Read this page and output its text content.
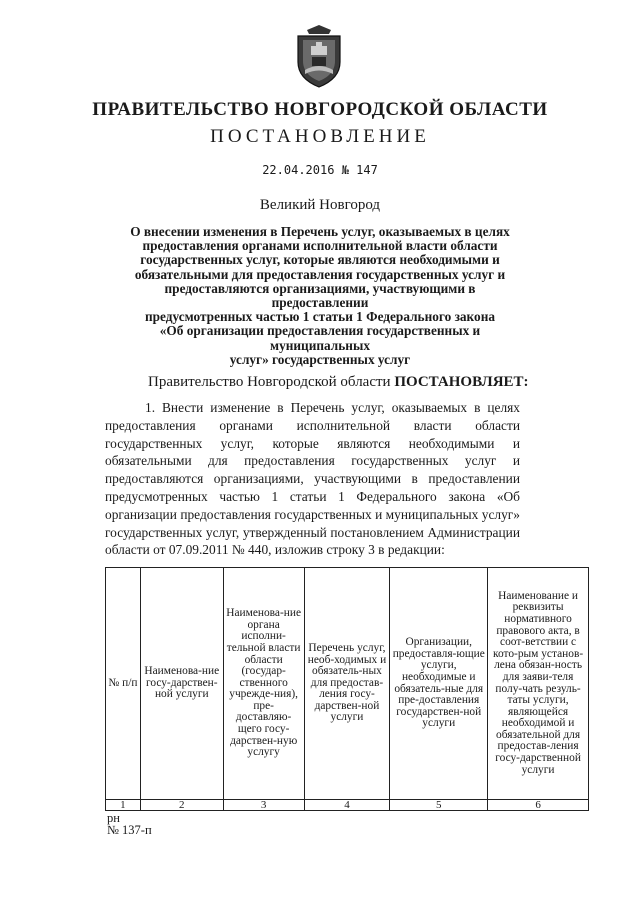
ПРАВИТЕЛЬСТВО НОВГОРОДСКОЙ ОБЛАСТИ
ПОСТАНОВЛЕНИЕ
22.04.2016 № 147
Великий Новгород
О внесении изменения в Перечень услуг, оказываемых в целях
предоставления органами исполнительной власти области
государственных услуг, которые являются необходимыми и
обязательными для предоставления государственных услуг и
предоставляются организациями, участвующими в предоставлении
предусмотренных частью 1 статьи 1 Федерального закона
«Об организации предоставления государственных и муниципальных
услуг» государственных услуг
Правительство Новгородской области ПОСТАНОВЛЯЕТ:
1. Внести изменение в Перечень услуг, оказываемых в целях предоставления органами исполнительной власти области государственных услуг, которые являются необходимыми и обязательными для предоставления государственных услуг и предоставляются организациями, участвующими в предоставлении предусмотренных частью 1 статьи 1 Федерального закона «Об организации предоставления государственных и муниципальных услуг» государственных услуг, утвержденный постановлением Администрации области от 07.09.2011 № 440, изложив строку 3 в редакции:
№ п/п	Наименова-ние госу-дарствен-ной услуги	Наименова-ние органа исполни-тельной власти области (государ-ственного учрежде-ния), пре-доставляю-щего госу-дарствен-ную услугу	Перечень услуг, необ-ходимых и обязатель-ных для предостав-ления госу-дарствен-ной услуги	Организации, предоставля-ющие услуги, необходимые и обязатель-ные для пре-доставления государствен-ной услуги	Наименование и реквизиты нормативного правового акта, в соот-ветствии с кото-рым установ-лена обязан-ность для заяви-теля полу-чать резуль-таты услуги, являющейся необходимой и обязательной для предостав-ления госу-дарственной услуги
1	2	3	4	5	6
рн
№ 137-п
